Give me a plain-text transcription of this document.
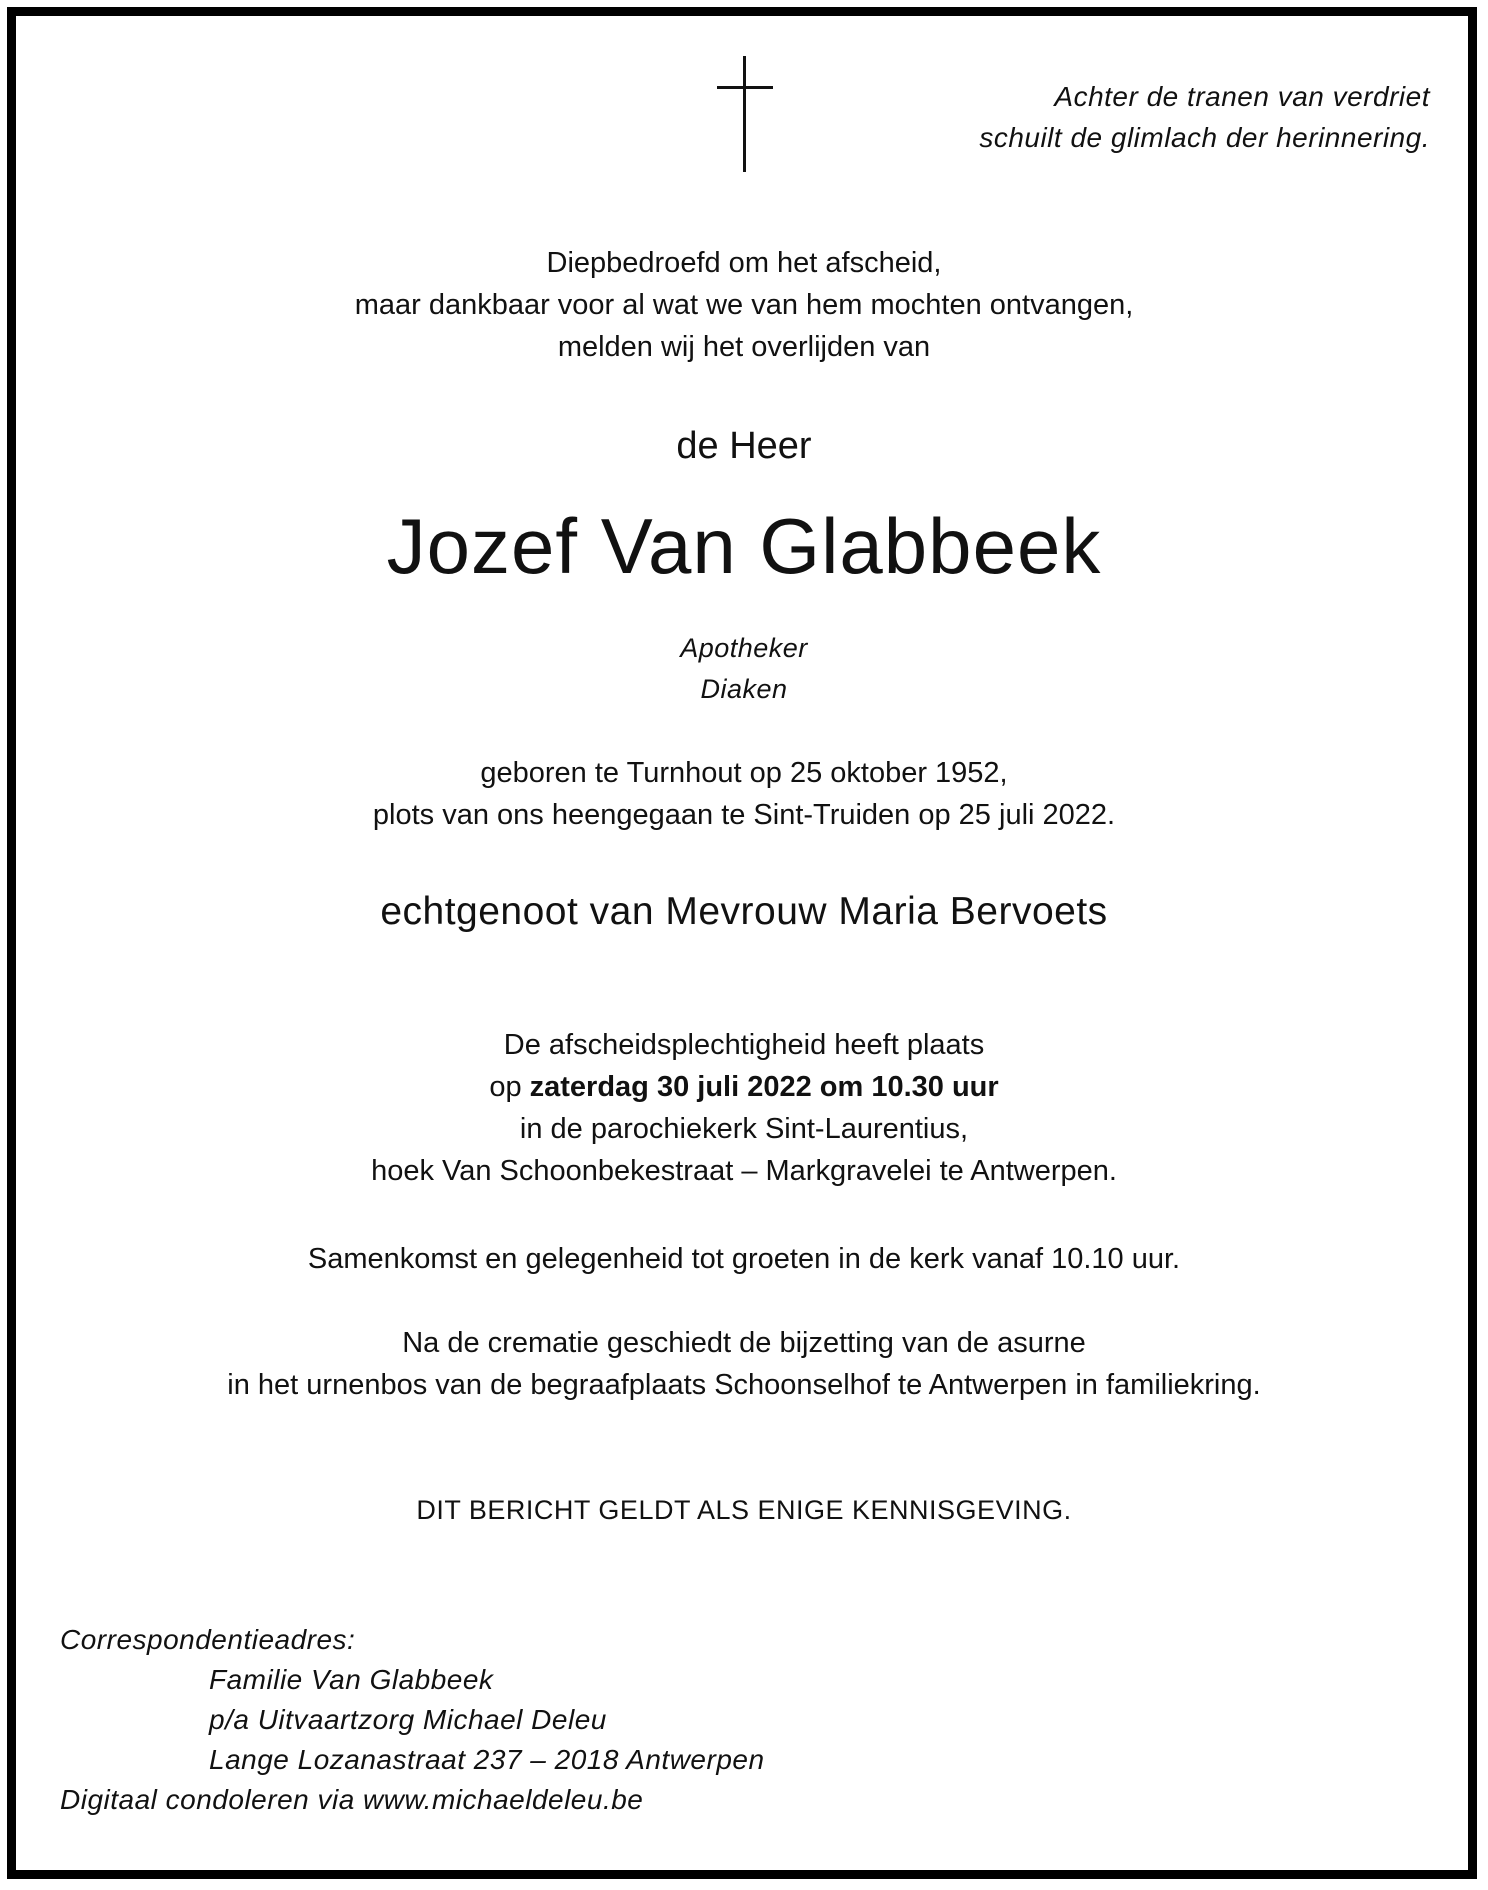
Achter de tranen van verdriet
schuilt de glimlach der herinnering.
Diepbedroefd om het afscheid,
maar dankbaar voor al wat we van hem mochten ontvangen,
melden wij het overlijden van
de Heer
Jozef Van Glabbeek
Apotheker
Diaken
geboren te Turnhout op 25 oktober 1952,
plots van ons heengegaan te Sint-Truiden op 25 juli 2022.
echtgenoot van Mevrouw Maria Bervoets
De afscheidsplechtigheid heeft plaats
op zaterdag 30 juli 2022 om 10.30 uur
in de parochiekerk Sint-Laurentius,
hoek Van Schoonbekestraat – Markgravelei te Antwerpen.
Samenkomst en gelegenheid tot groeten in de kerk vanaf 10.10 uur.
Na de crematie geschiedt de bijzetting van de asurne
in het urnenbos van de begraafplaats Schoonselhof te Antwerpen in familiekring.
DIT BERICHT GELDT ALS ENIGE KENNISGEVING.
Correspondentieadres:
Familie Van Glabbeek
p/a Uitvaartzorg Michael Deleu
Lange Lozanastraat 237 – 2018 Antwerpen
Digitaal condoleren via www.michaeldeleu.be
